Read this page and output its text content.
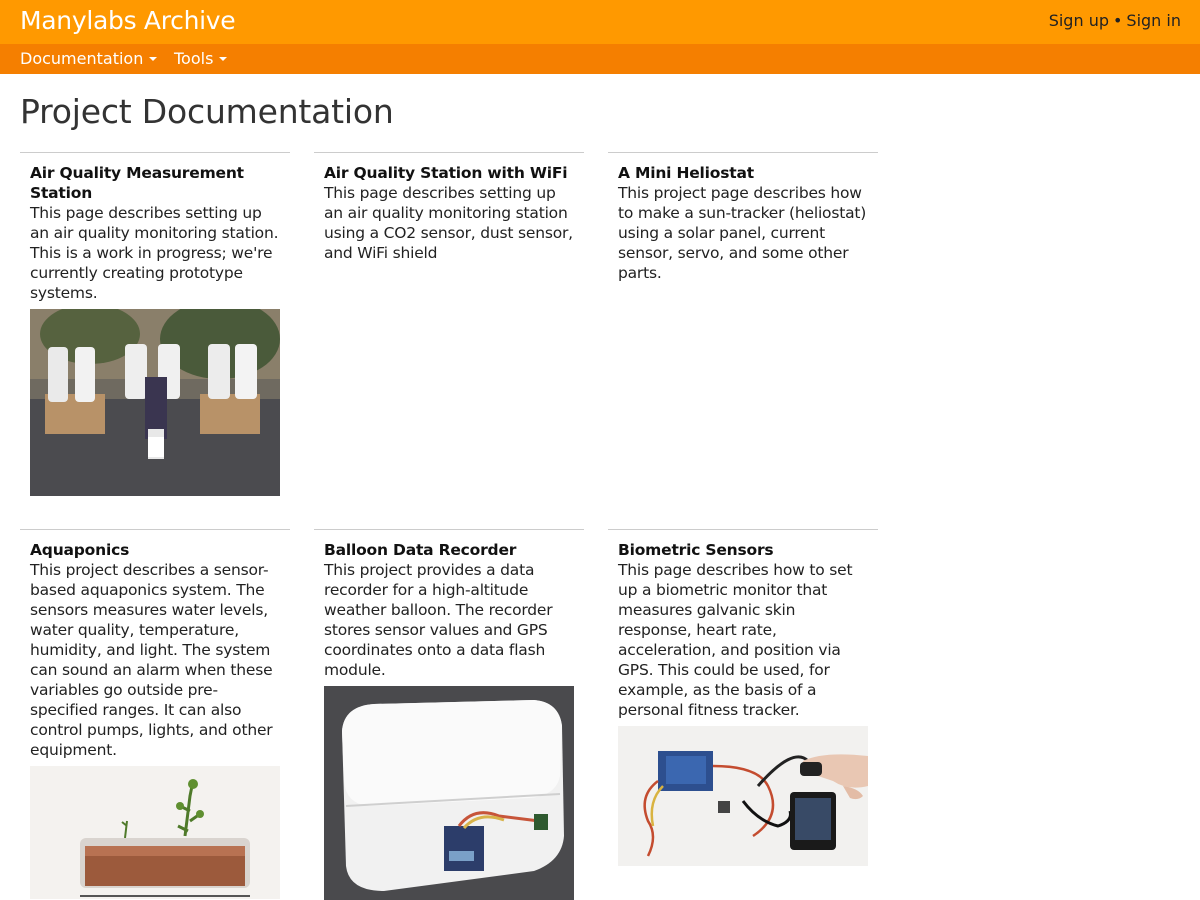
Manylabs Archive	Sign up • Sign in
Documentation	Tools
Project Documentation
Air Quality Measurement Station
This page describes setting up an air quality monitoring station. This is a work in progress; we're currently creating prototype systems.
Air Quality Station with WiFi
This page describes setting up an air quality monitoring station using a CO2 sensor, dust sensor, and WiFi shield
A Mini Heliostat
This project page describes how to make a sun-tracker (heliostat) using a solar panel, current sensor, servo, and some other parts.
Aquaponics
This project describes a sensor-based aquaponics system. The sensors measures water levels, water quality, temperature, humidity, and light. The system can sound an alarm when these variables go outside pre-specified ranges. It can also control pumps, lights, and other equipment.
Balloon Data Recorder
This project provides a data recorder for a high-altitude weather balloon. The recorder stores sensor values and GPS coordinates onto a data flash module.
Biometric Sensors
This page describes how to set up a biometric monitor that measures galvanic skin response, heart rate, acceleration, and position via GPS. This could be used, for example, as the basis of a personal fitness tracker.
